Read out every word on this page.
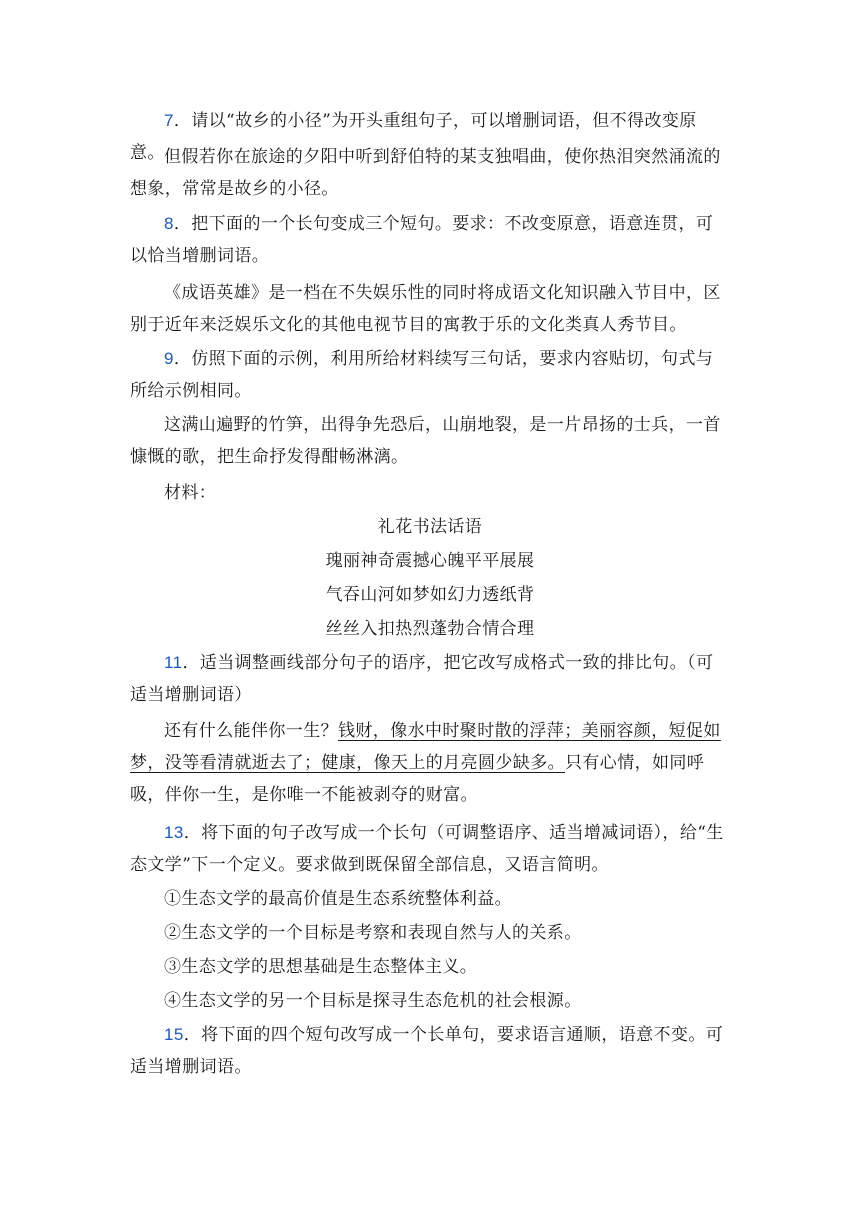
7．请以“故乡的小径”为开头重组句子，可以增删词语，但不得改变原意。 但假若你在旅途的夕阳中听到舒伯特的某支独唱曲，使你热泪突然涌流的想象，常常是故乡的小径。

8．把下面的一个长句变成三个短句。要求：不改变原意，语意连贯，可以恰当增删词语。

《成语英雄》是一档在不失娱乐性的同时将成语文化知识融入节目中，区别于近年来泛娱乐文化的其他电视节目的寓教于乐的文化类真人秀节目。

9．仿照下面的示例，利用所给材料续写三句话，要求内容贴切，句式与所给示例相同。

这满山遍野的竹笋，出得争先恐后，山崩地裂，是一片昂扬的士兵，一首慷慨的歌，把生命抒发得酣畅淋漓。

材料：

礼花书法话语

瑰丽神奇震撼心魄平平展展

气吞山河如梦如幻力透纸背

丝丝入扣热烈蓬勃合情合理

11．适当调整画线部分句子的语序，把它改写成格式一致的排比句。（可适当增删词语）

还有什么能伴你一生？钱财，像水中时聚时散的浮萍；美丽容颜，短促如梦，没等看清就逝去了；健康，像天上的月亮圆少缺多。只有心情，如同呼吸，伴你一生，是你唯一不能被剥夺的财富。

13．将下面的句子改写成一个长句（可调整语序、适当增减词语），给“生态文学”下一个定义。要求做到既保留全部信息，又语言简明。

①生态文学的最高价值是生态系统整体利益。

②生态文学的一个目标是考察和表现自然与人的关系。

③生态文学的思想基础是生态整体主义。

④生态文学的另一个目标是探寻生态危机的社会根源。

15．将下面的四个短句改写成一个长单句，要求语言通顺，语意不变。可适当增删词语。
